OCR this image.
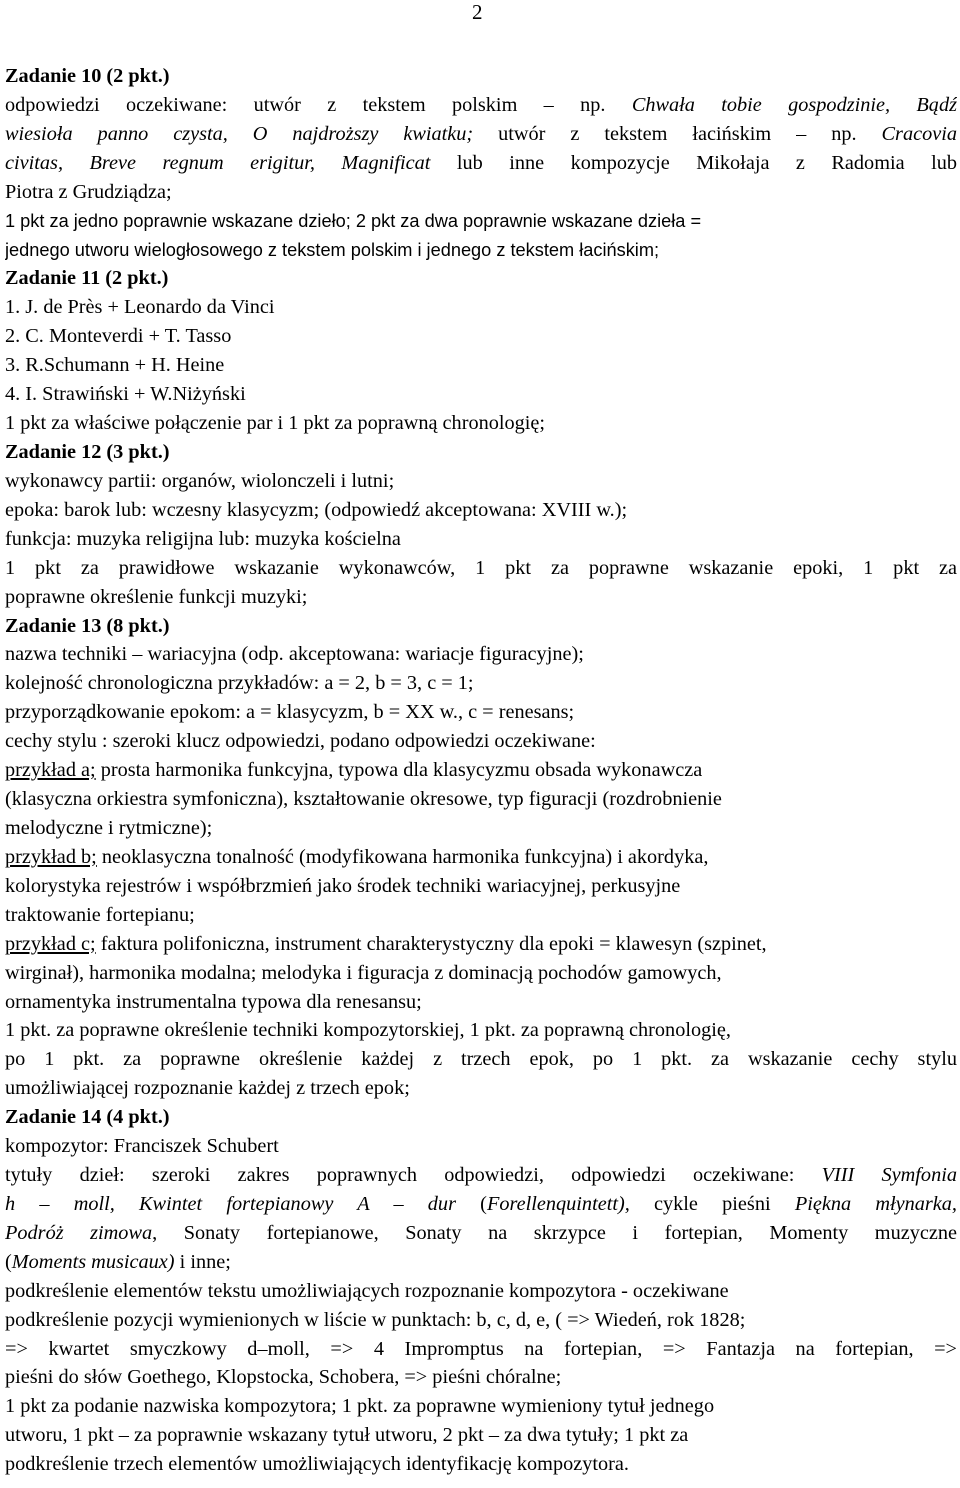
2
Zadanie 10 (2 pkt.)
odpowiedzi oczekiwane: utwór z tekstem polskim – np. Chwała tobie gospodzinie, Bądź
wiesioła panno czysta, O najdroższy kwiatku; utwór z tekstem łacińskim – np. Cracovia
civitas, Breve regnum erigitur, Magnificat lub inne kompozycje Mikołaja z Radomia lub
Piotra z Grudziądza;
1 pkt za jedno poprawnie wskazane dzieło; 2 pkt za dwa poprawnie wskazane dzieła =
jednego utworu wielogłosowego z tekstem polskim i jednego z tekstem łacińskim;
Zadanie 11 (2 pkt.)
1. J. de Près + Leonardo da Vinci
2. C. Monteverdi + T. Tasso
3. R.Schumann + H. Heine
4. I. Strawiński + W.Niżyński
1 pkt za właściwe połączenie par i 1 pkt za poprawną chronologię;
Zadanie 12 (3 pkt.)
wykonawcy partii: organów, wiolonczeli i lutni;
epoka: barok lub: wczesny klasycyzm; (odpowiedź akceptowana: XVIII w.);
funkcja: muzyka religijna lub: muzyka kościelna
1 pkt za prawidłowe wskazanie wykonawców, 1 pkt za poprawne wskazanie epoki, 1 pkt za
poprawne określenie funkcji muzyki;
Zadanie 13 (8 pkt.)
nazwa techniki – wariacyjna (odp. akceptowana: wariacje figuracyjne);
kolejność chronologiczna przykładów: a = 2, b = 3, c = 1;
przyporządkowanie epokom: a = klasycyzm, b = XX w., c = renesans;
cechy stylu : szeroki klucz odpowiedzi, podano odpowiedzi oczekiwane:
przykład a; prosta harmonika funkcyjna, typowa dla klasycyzmu obsada wykonawcza
(klasyczna orkiestra symfoniczna), kształtowanie okresowe, typ figuracji (rozdrobnienie
melodyczne i rytmiczne);
przykład b; neoklasyczna tonalność (modyfikowana harmonika funkcyjna) i akordyka,
kolorystyka rejestrów i współbrzmień jako środek techniki wariacyjnej, perkusyjne
traktowanie fortepianu;
przykład c; faktura polifoniczna, instrument charakterystyczny dla epoki = klawesyn (szpinet,
wirginał), harmonika modalna; melodyka i figuracja z dominacją pochodów gamowych,
ornamentyka instrumentalna typowa dla renesansu;
1 pkt. za poprawne określenie techniki kompozytorskiej, 1 pkt. za poprawną chronologię,
po 1 pkt. za poprawne określenie każdej z trzech epok, po 1 pkt. za wskazanie cechy stylu
umożliwiającej rozpoznanie każdej z trzech epok;
Zadanie 14 (4 pkt.)
kompozytor: Franciszek Schubert
tytuły dzieł: szeroki zakres poprawnych odpowiedzi, odpowiedzi oczekiwane: VIII Symfonia
h – moll, Kwintet fortepianowy A – dur (Forellenquintett), cykle pieśni Piękna młynarka,
Podróż zimowa, Sonaty fortepianowe, Sonaty na skrzypce i fortepian, Momenty muzyczne
(Moments musicaux) i inne;
podkreślenie elementów tekstu umożliwiających rozpoznanie kompozytora - oczekiwane
podkreślenie pozycji wymienionych w liście w punktach: b, c, d, e, ( => Wiedeń, rok 1828;
=> kwartet smyczkowy d–moll, => 4 Impromptus na fortepian, => Fantazja na fortepian, =>
pieśni do słów Goethego, Klopstocka, Schobera, => pieśni chóralne;
1 pkt za podanie nazwiska kompozytora; 1 pkt. za poprawne wymieniony tytuł jednego
utworu, 1 pkt – za poprawnie wskazany tytuł utworu, 2 pkt – za dwa tytuły; 1 pkt za
podkreślenie trzech elementów umożliwiających identyfikację kompozytora.
